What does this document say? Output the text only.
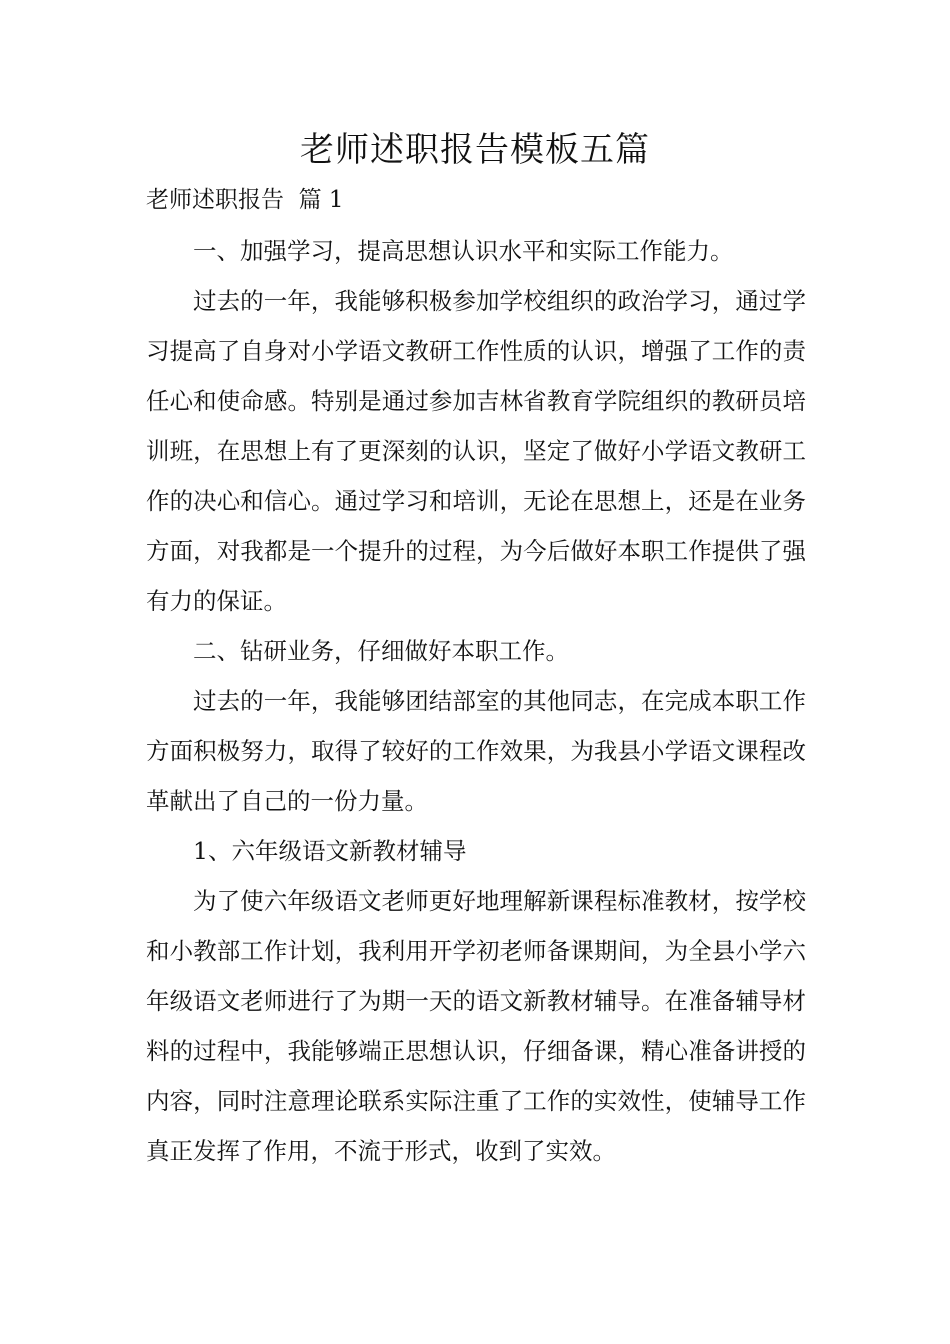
老师述职报告模板五篇
老师述职报告  篇 1

一、加强学习，提高思想认识水平和实际工作能力。

过去的一年，我能够积极参加学校组织的政治学习，通过学习提高了自身对小学语文教研工作性质的认识，增强了工作的责任心和使命感。特别是通过参加吉林省教育学院组织的教研员培训班，在思想上有了更深刻的认识，坚定了做好小学语文教研工作的决心和信心。通过学习和培训，无论在思想上，还是在业务方面，对我都是一个提升的过程，为今后做好本职工作提供了强有力的保证。

二、钻研业务，仔细做好本职工作。

过去的一年，我能够团结部室的其他同志，在完成本职工作方面积极努力，取得了较好的工作效果，为我县小学语文课程改革献出了自己的一份力量。

1、六年级语文新教材辅导

为了使六年级语文老师更好地理解新课程标准教材，按学校和小教部工作计划，我利用开学初老师备课期间，为全县小学六年级语文老师进行了为期一天的语文新教材辅导。在准备辅导材料的过程中，我能够端正思想认识，仔细备课，精心准备讲授的内容，同时注意理论联系实际注重了工作的实效性，使辅导工作真正发挥了作用，不流于形式，收到了实效。
